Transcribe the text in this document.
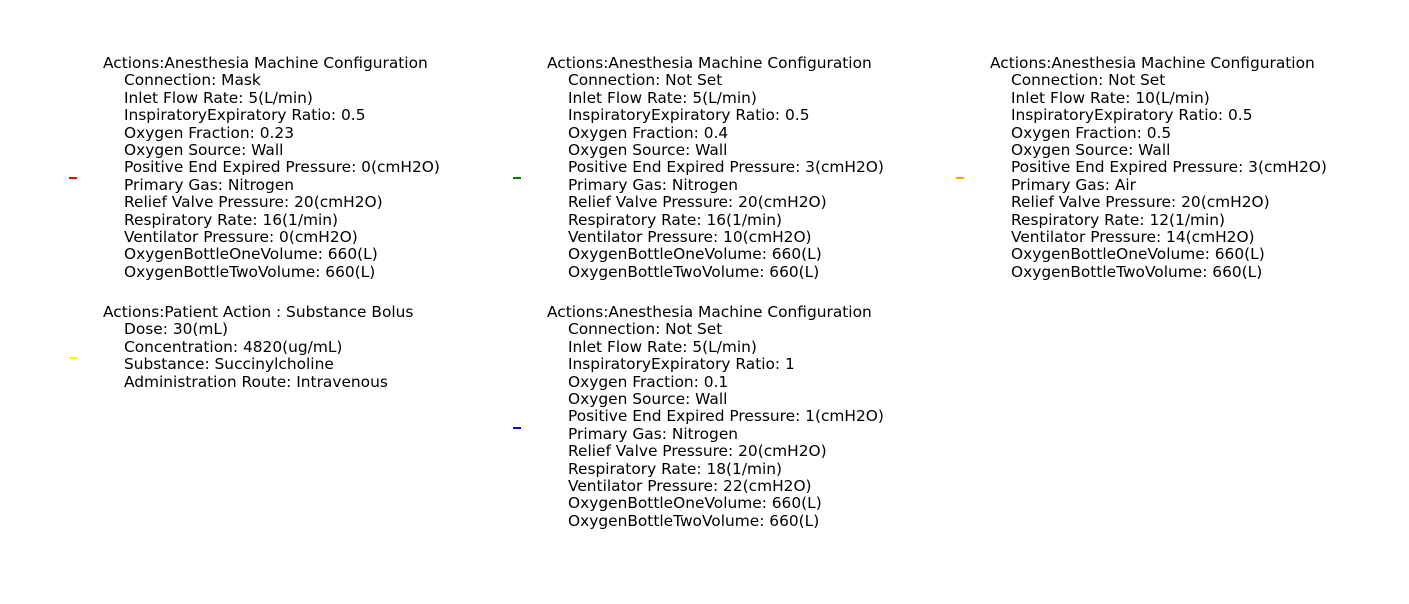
Actions:Anesthesia Machine Configuration
Connection: Mask
Inlet Flow Rate: 5(L/min)
InspiratoryExpiratory Ratio: 0.5
Oxygen Fraction: 0.23
Oxygen Source: Wall
Positive End Expired Pressure: 0(cmH2O)
Primary Gas: Nitrogen
Relief Valve Pressure: 20(cmH2O)
Respiratory Rate: 16(1/min)
Ventilator Pressure: 0(cmH2O)
OxygenBottleOneVolume: 660(L)
OxygenBottleTwoVolume: 660(L)
Actions:Anesthesia Machine Configuration
Connection: Not Set
Inlet Flow Rate: 5(L/min)
InspiratoryExpiratory Ratio: 0.5
Oxygen Fraction: 0.4
Oxygen Source: Wall
Positive End Expired Pressure: 3(cmH2O)
Primary Gas: Nitrogen
Relief Valve Pressure: 20(cmH2O)
Respiratory Rate: 16(1/min)
Ventilator Pressure: 10(cmH2O)
OxygenBottleOneVolume: 660(L)
OxygenBottleTwoVolume: 660(L)
Actions:Anesthesia Machine Configuration
Connection: Not Set
Inlet Flow Rate: 10(L/min)
InspiratoryExpiratory Ratio: 0.5
Oxygen Fraction: 0.5
Oxygen Source: Wall
Positive End Expired Pressure: 3(cmH2O)
Primary Gas: Air
Relief Valve Pressure: 20(cmH2O)
Respiratory Rate: 12(1/min)
Ventilator Pressure: 14(cmH2O)
OxygenBottleOneVolume: 660(L)
OxygenBottleTwoVolume: 660(L)
Actions:Patient Action : Substance Bolus
Dose: 30(mL)
Concentration: 4820(ug/mL)
Substance: Succinylcholine
Administration Route: Intravenous
Actions:Anesthesia Machine Configuration
Connection: Not Set
Inlet Flow Rate: 5(L/min)
InspiratoryExpiratory Ratio: 1
Oxygen Fraction: 0.1
Oxygen Source: Wall
Positive End Expired Pressure: 1(cmH2O)
Primary Gas: Nitrogen
Relief Valve Pressure: 20(cmH2O)
Respiratory Rate: 18(1/min)
Ventilator Pressure: 22(cmH2O)
OxygenBottleOneVolume: 660(L)
OxygenBottleTwoVolume: 660(L)
